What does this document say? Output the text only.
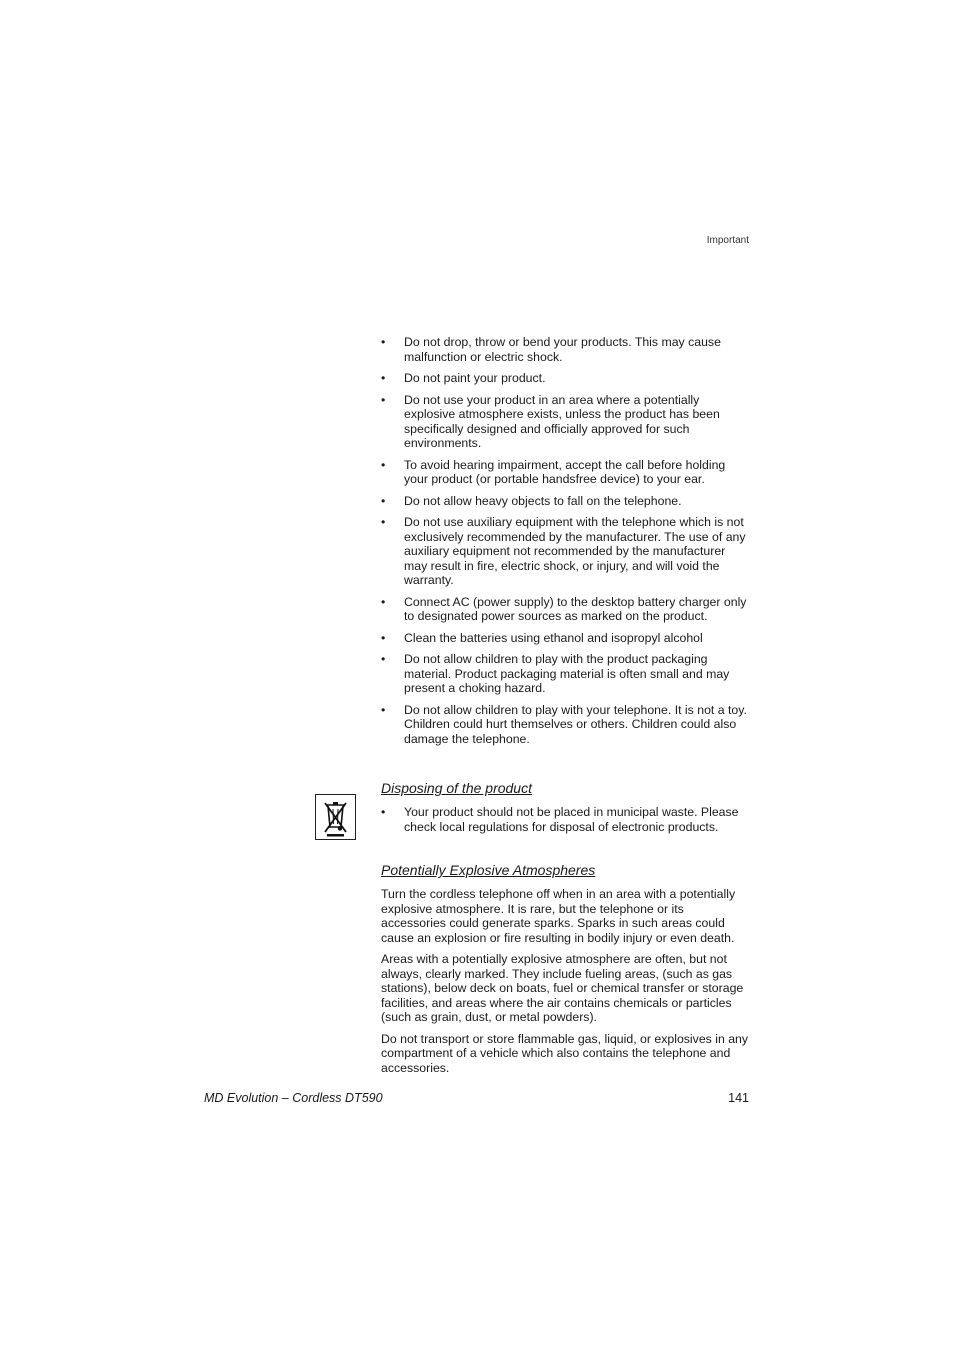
Important
• Do not drop, throw or bend your products. This may cause malfunction or electric shock.
• Do not paint your product.
• Do not use your product in an area where a potentially explosive atmosphere exists, unless the product has been specifically designed and officially approved for such environments.
• To avoid hearing impairment, accept the call before holding your product (or portable handsfree device) to your ear.
• Do not allow heavy objects to fall on the telephone.
• Do not use auxiliary equipment with the telephone which is not exclusively recommended by the manufacturer. The use of any auxiliary equipment not recommended by the manufacturer may result in fire, electric shock, or injury, and will void the warranty.
• Connect AC (power supply) to the desktop battery charger only to designated power sources as marked on the product.
• Clean the batteries using ethanol and isopropyl alcohol
• Do not allow children to play with the product packaging material. Product packaging material is often small and may present a choking hazard.
• Do not allow children to play with your telephone. It is not a toy. Children could hurt themselves or others. Children could also damage the telephone.
Disposing of the product
• Your product should not be placed in municipal waste. Please check local regulations for disposal of electronic products.
Potentially Explosive Atmospheres

Turn the cordless telephone off when in an area with a potentially explosive atmosphere. It is rare, but the telephone or its accessories could generate sparks. Sparks in such areas could cause an explosion or fire resulting in bodily injury or even death.

Areas with a potentially explosive atmosphere are often, but not always, clearly marked. They include fueling areas, (such as gas stations), below deck on boats, fuel or chemical transfer or storage facilities, and areas where the air contains chemicals or particles (such as grain, dust, or metal powders).

Do not transport or store flammable gas, liquid, or explosives in any compartment of a vehicle which also contains the telephone and accessories.

MD Evolution – Cordless DT590	141
